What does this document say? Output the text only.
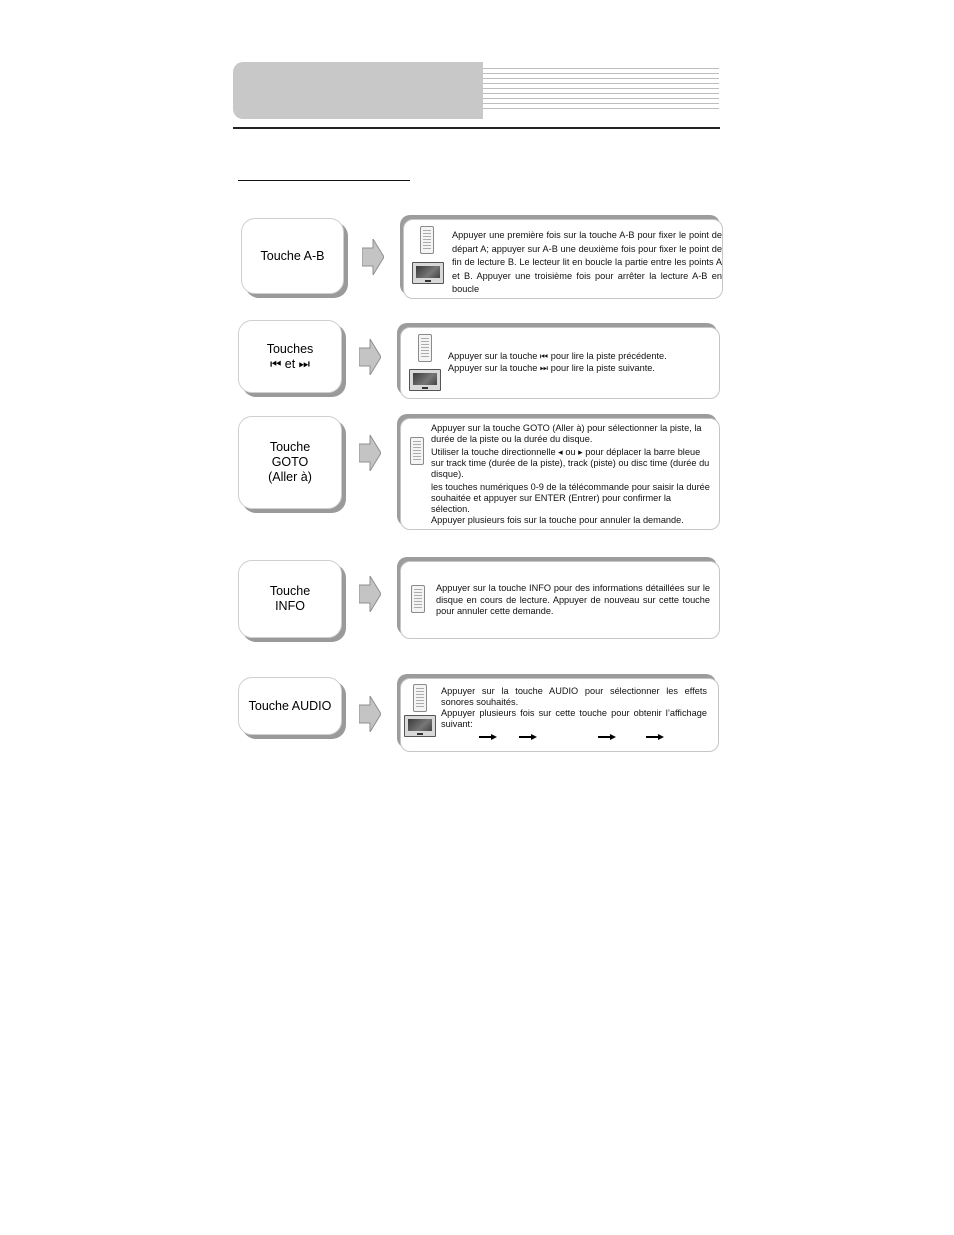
Touche A-B
Appuyer une première fois sur la touche A-B pour fixer le point de départ A; appuyer sur A-B une deuxième fois pour fixer le point de fin de lecture B. Le lecteur lit en boucle la partie entre les points A et B. Appuyer une troisième fois pour arrêter la lecture A-B en boucle
Touches
⏮ et ⏭

Appuyer sur la touche ⏮ pour lire la piste précédente.

Appuyer sur la touche ⏭ pour lire la piste suivante.

Touche
GOTO
(Aller à)

Appuyer sur la touche GOTO (Aller à) pour sélectionner la piste, la durée de la piste ou la durée du disque.

Utiliser la touche directionnelle ◂ ou ▸ pour déplacer la barre bleue sur track time (durée de la piste), track (piste) ou disc time (durée du disque).

les touches numériques 0-9 de la télécommande pour saisir la durée souhaitée et appuyer sur ENTER (Entrer) pour confirmer la sélection.

Appuyer plusieurs fois sur la touche pour annuler la demande.

Touche
INFO
Appuyer sur la touche INFO pour des informations détaillées sur le disque en cours de lecture. Appuyer de nouveau sur cette touche pour annuler cette demande.
Touche AUDIO

Appuyer sur la touche AUDIO pour sélectionner les effets sonores souhaités.

Appuyer plusieurs fois sur cette touche pour obtenir l’affichage suivant:
